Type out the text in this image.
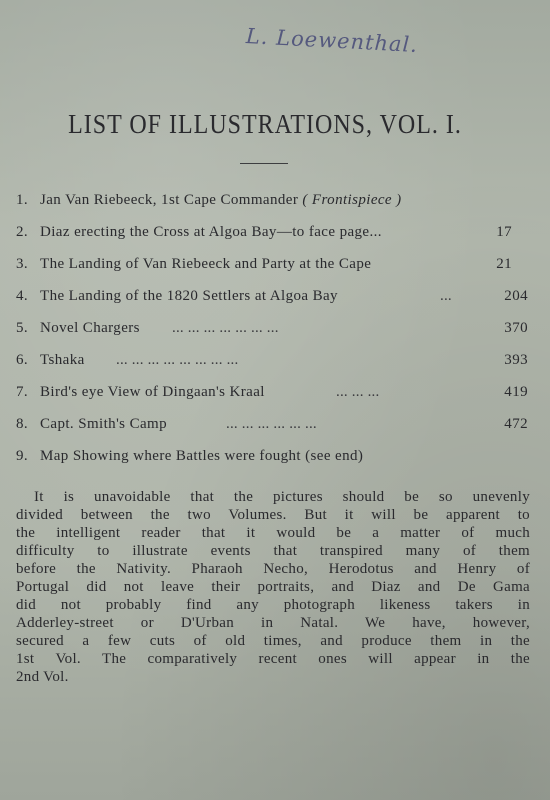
L. Loewenthal.
LIST OF ILLUSTRATIONS, VOL. I.
1. Jan Van Riebeeck, 1st Cape Commander ( Frontispiece )
2. Diaz erecting the Cross at Algoa Bay—to face page...	17
3. The Landing of Van Riebeeck and Party at the Cape	21
4. The Landing of the 1820 Settlers at Algoa Bay	...	204
5. Novel Chargers ... ... ... ... ... ... ...	370
6. Tshaka ... ... ... ... ... ... ... ...	393
7. Bird's eye View of Dingaan's Kraal	... ... ...	419
8. Capt. Smith's Camp	... ... ... ... ... ...	472
9. Map Showing where Battles were fought (see end)

It is unavoidable that the pictures should be so unevenly
divided between the two Volumes. But it will be apparent to
the intelligent reader that it would be a matter of much
difficulty to illustrate events that transpired many of them
before the Nativity. Pharaoh Necho, Herodotus and Henry of
Portugal did not leave their portraits, and Diaz and De Gama
did not probably find any photograph likeness takers in
Adderley-street or D'Urban in Natal. We have, however,
secured a few cuts of old times, and produce them in the
1st Vol. The comparatively recent ones will appear in the
2nd Vol.
